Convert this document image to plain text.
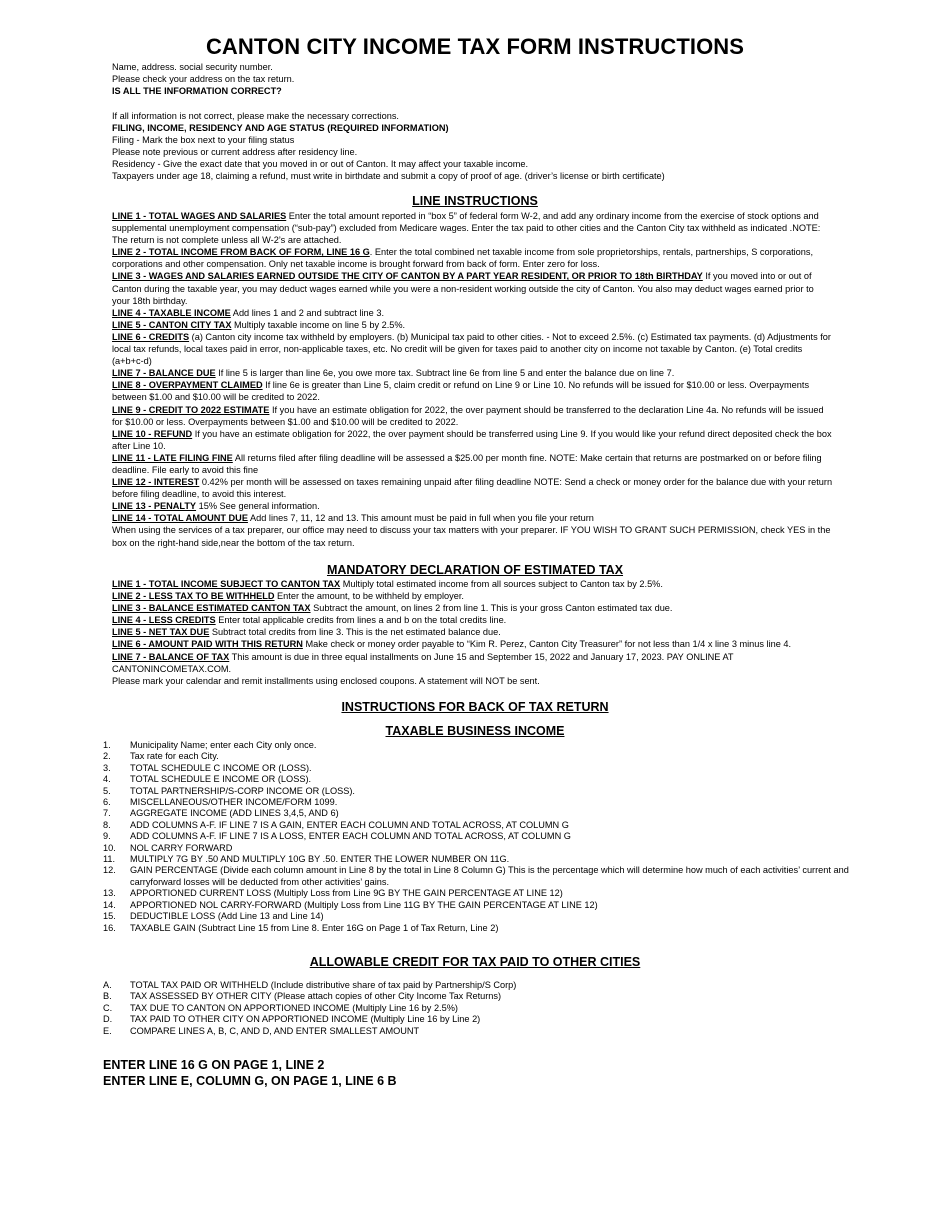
CANTON CITY INCOME TAX FORM INSTRUCTIONS

Name, address. social security number.

Please check your address on the tax return.

IS ALL THE INFORMATION CORRECT?

If all information is not correct, please make the necessary corrections.

FILING, INCOME, RESIDENCY AND AGE STATUS (REQUIRED INFORMATION)

Filing - Mark the box next to your filing status

Please note previous or current address after residency line.

Residency - Give the exact date that you moved in or out of Canton. It may affect your taxable income.

Taxpayers under age 18, claiming a refund, must write in birthdate and submit a copy of proof of age. (driver’s license or birth certificate)

LINE INSTRUCTIONS

LINE 1 - TOTAL WAGES AND SALARIES Enter the total amount reported in “box 5” of federal form W-2, and add any ordinary income from the exercise of stock options and supplemental unemployment compensation (“sub-pay”) excluded from Medicare wages. Enter the tax paid to other cities and the Canton City tax withheld as indicated .NOTE: The return is not complete unless all W-2’s are attached.

LINE 2 - TOTAL INCOME FROM BACK OF FORM, LINE 16 G. Enter the total combined net taxable income from sole proprietorships, rentals, partnerships, S corporations, corporations and other compensation. Only net taxable income is brought forward from back of form. Enter zero for loss.

LINE 3 - WAGES AND SALARIES EARNED OUTSIDE THE CITY OF CANTON BY A PART YEAR RESIDENT, OR PRIOR TO 18th BIRTHDAY If you moved into or out of Canton during the taxable year, you may deduct wages earned while you were a non-resident working outside the city of Canton. You also may deduct wages earned prior to your 18th birthday.

LINE 4 - TAXABLE INCOME Add lines 1 and 2 and subtract line 3.

LINE 5 - CANTON CITY TAX Multiply taxable income on line 5 by 2.5%.

LINE 6 - CREDITS (a) Canton city income tax withheld by employers. (b) Municipal tax paid to other cities. - Not to exceed 2.5%. (c) Estimated tax payments. (d) Adjustments for local tax refunds, local taxes paid in error, non-applicable taxes, etc. No credit will be given for taxes paid to another city on income not taxable by Canton. (e) Total credits (a+b+c-d)

LINE 7 - BALANCE DUE If line 5 is larger than line 6e, you owe more tax. Subtract line 6e from line 5 and enter the balance due on line 7.

LINE 8 - OVERPAYMENT CLAIMED If line 6e is greater than Line 5, claim credit or refund on Line 9 or Line 10. No refunds will be issued for $10.00 or less. Overpayments between $1.00 and $10.00 will be credited to 2022.

LINE 9 - CREDIT TO 2022 ESTIMATE If you have an estimate obligation for 2022, the over payment should be transferred to the declaration Line 4a. No refunds will be issued for $10.00 or less. Overpayments between $1.00 and $10.00 will be credited to 2022.

LINE 10 - REFUND If you have an estimate obligation for 2022, the over payment should be transferred using Line 9. If you would like your refund direct deposited check the box after Line 10.

LINE 11 - LATE FILING FINE All returns filed after filing deadline will be assessed a $25.00 per month fine. NOTE: Make certain that returns are postmarked on or before filing deadline. File early to avoid this fine

LINE 12 - INTEREST 0.42% per month will be assessed on taxes remaining unpaid after filing deadline NOTE: Send a check or money order for the balance due with your return before filing deadline, to avoid this interest.

LINE 13 - PENALTY 15% See general information.

LINE 14 - TOTAL AMOUNT DUE Add lines 7, 11, 12 and 13. This amount must be paid in full when you file your return

When using the services of a tax preparer, our office may need to discuss your tax matters with your preparer. IF YOU WISH TO GRANT SUCH PERMISSION, check YES in the box on the right-hand side,near the bottom of the tax return.

MANDATORY DECLARATION OF ESTIMATED TAX

LINE 1 - TOTAL INCOME SUBJECT TO CANTON TAX Multiply total estimated income from all sources subject to Canton tax by 2.5%.

LINE 2 - LESS TAX TO BE WITHHELD Enter the amount, to be withheld by employer.

LINE 3 - BALANCE ESTIMATED CANTON TAX Subtract the amount, on lines 2 from line 1. This is your gross Canton estimated tax due.

LINE 4 - LESS CREDITS Enter total applicable credits from lines a and b on the total credits line.

LINE 5 - NET TAX DUE Subtract total credits from line 3. This is the net estimated balance due.

LINE 6 - AMOUNT PAID WITH THIS RETURN Make check or money order payable to “Kim R. Perez, Canton City Treasurer” for not less than 1/4 x line 3 minus line 4.

LINE 7 - BALANCE OF TAX This amount is due in three equal installments on June 15 and September 15, 2022 and January 17, 2023. PAY ONLINE AT CANTONINCOMETAX.COM.

Please mark your calendar and remit installments using enclosed coupons. A statement will NOT be sent.

INSTRUCTIONS FOR BACK OF TAX RETURN
TAXABLE BUSINESS INCOME
1.	Municipality Name; enter each City only once.
2.	Tax rate for each City.
3.	TOTAL SCHEDULE C INCOME OR (LOSS).
4.	TOTAL SCHEDULE E INCOME OR (LOSS).
5.	TOTAL PARTNERSHIP/S-CORP INCOME OR (LOSS).
6.	MISCELLANEOUS/OTHER INCOME/FORM 1099.
7.	AGGREGATE INCOME (ADD LINES 3,4,5, AND 6)
8.	ADD COLUMNS A-F. IF LINE 7 IS A GAIN, ENTER EACH COLUMN AND TOTAL ACROSS, AT COLUMN G
9.	ADD COLUMNS A-F. IF LINE 7 IS A LOSS, ENTER EACH COLUMN AND TOTAL ACROSS, AT COLUMN G
10.	NOL CARRY FORWARD
11.	MULTIPLY 7G BY .50 AND MULTIPLY 10G BY .50. ENTER THE LOWER NUMBER ON 11G.
12.	GAIN PERCENTAGE (Divide each column amount in Line 8 by the total in Line 8 Column G) This is the percentage which will determine how much of each activities’ current and carryforward losses will be deducted from other activities’ gains.
13.	APPORTIONED CURRENT LOSS (Multiply Loss from Line 9G BY THE GAIN PERCENTAGE AT LINE 12)
14.	APPORTIONED NOL CARRY-FORWARD (Multiply Loss from Line 11G BY THE GAIN PERCENTAGE AT LINE 12)
15.	DEDUCTIBLE LOSS (Add Line 13 and Line 14)
16.	TAXABLE GAIN (Subtract Line 15 from Line 8. Enter 16G on Page 1 of Tax Return, Line 2)
ALLOWABLE CREDIT FOR TAX PAID TO OTHER CITIES
A.	TOTAL TAX PAID OR WITHHELD (Include distributive share of tax paid by Partnership/S Corp)
B.	TAX ASSESSED BY OTHER CITY (Please attach copies of other City Income Tax Returns)
C.	TAX DUE TO CANTON ON APPORTIONED INCOME (Multiply Line 16 by 2.5%)
D.	TAX PAID TO OTHER CITY ON APPORTIONED INCOME (Multiply Line 16 by Line 2)
E.	COMPARE LINES A, B, C, AND D, AND ENTER SMALLEST AMOUNT
ENTER LINE 16 G ON PAGE 1, LINE 2
ENTER LINE E, COLUMN G, ON PAGE 1, LINE 6 B
